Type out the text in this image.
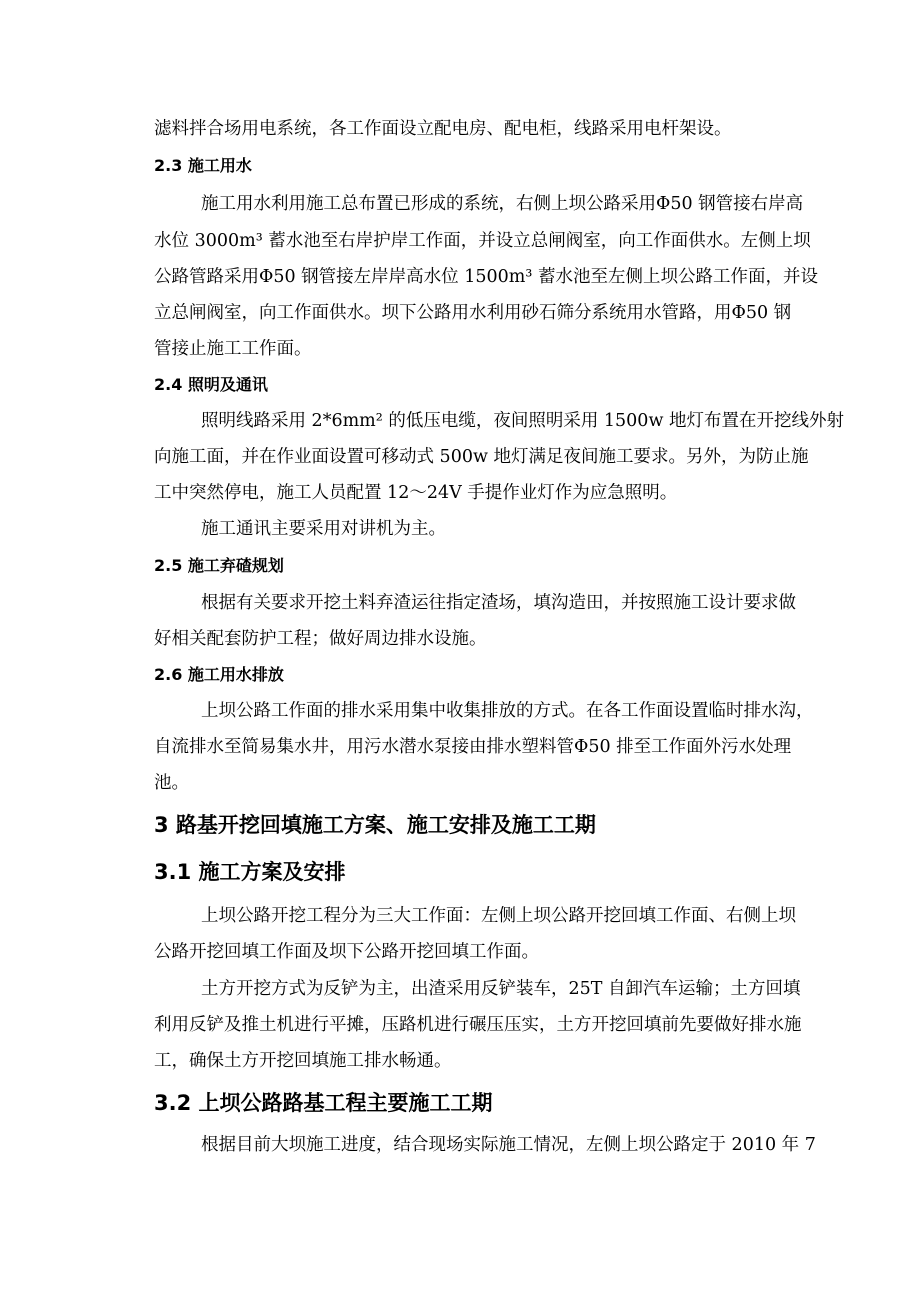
滤料拌合场用电系统，各工作面设立配电房、配电柜，线路采用电杆架设。
2.3 施工用水
施工用水利用施工总布置已形成的系统，右侧上坝公路采用Φ50 钢管接右岸高
水位 3000m³ 蓄水池至右岸护岸工作面，并设立总闸阀室，向工作面供水。左侧上坝
公路管路采用Φ50 钢管接左岸岸高水位 1500m³ 蓄水池至左侧上坝公路工作面，并设
立总闸阀室，向工作面供水。坝下公路用水利用砂石筛分系统用水管路，用Φ50 钢
管接止施工工作面。
2.4 照明及通讯
照明线路采用 2*6mm² 的低压电缆，夜间照明采用 1500w 地灯布置在开挖线外射
向施工面，并在作业面设置可移动式 500w 地灯满足夜间施工要求。另外，为防止施
工中突然停电，施工人员配置 12～24V 手提作业灯作为应急照明。
施工通讯主要采用对讲机为主。
2.5 施工弃碴规划
根据有关要求开挖土料弃渣运往指定渣场，填沟造田，并按照施工设计要求做
好相关配套防护工程；做好周边排水设施。
2.6 施工用水排放
上坝公路工作面的排水采用集中收集排放的方式。在各工作面设置临时排水沟，
自流排水至简易集水井，用污水潜水泵接由排水塑料管Φ50 排至工作面外污水处理
池。
3 路基开挖回填施工方案、施工安排及施工工期
3.1 施工方案及安排
上坝公路开挖工程分为三大工作面：左侧上坝公路开挖回填工作面、右侧上坝
公路开挖回填工作面及坝下公路开挖回填工作面。
土方开挖方式为反铲为主，出渣采用反铲装车，25T 自卸汽车运输；土方回填
利用反铲及推土机进行平摊，压路机进行碾压压实，土方开挖回填前先要做好排水施
工，确保土方开挖回填施工排水畅通。
3.2 上坝公路路基工程主要施工工期
根据目前大坝施工进度，结合现场实际施工情况，左侧上坝公路定于 2010 年 7
